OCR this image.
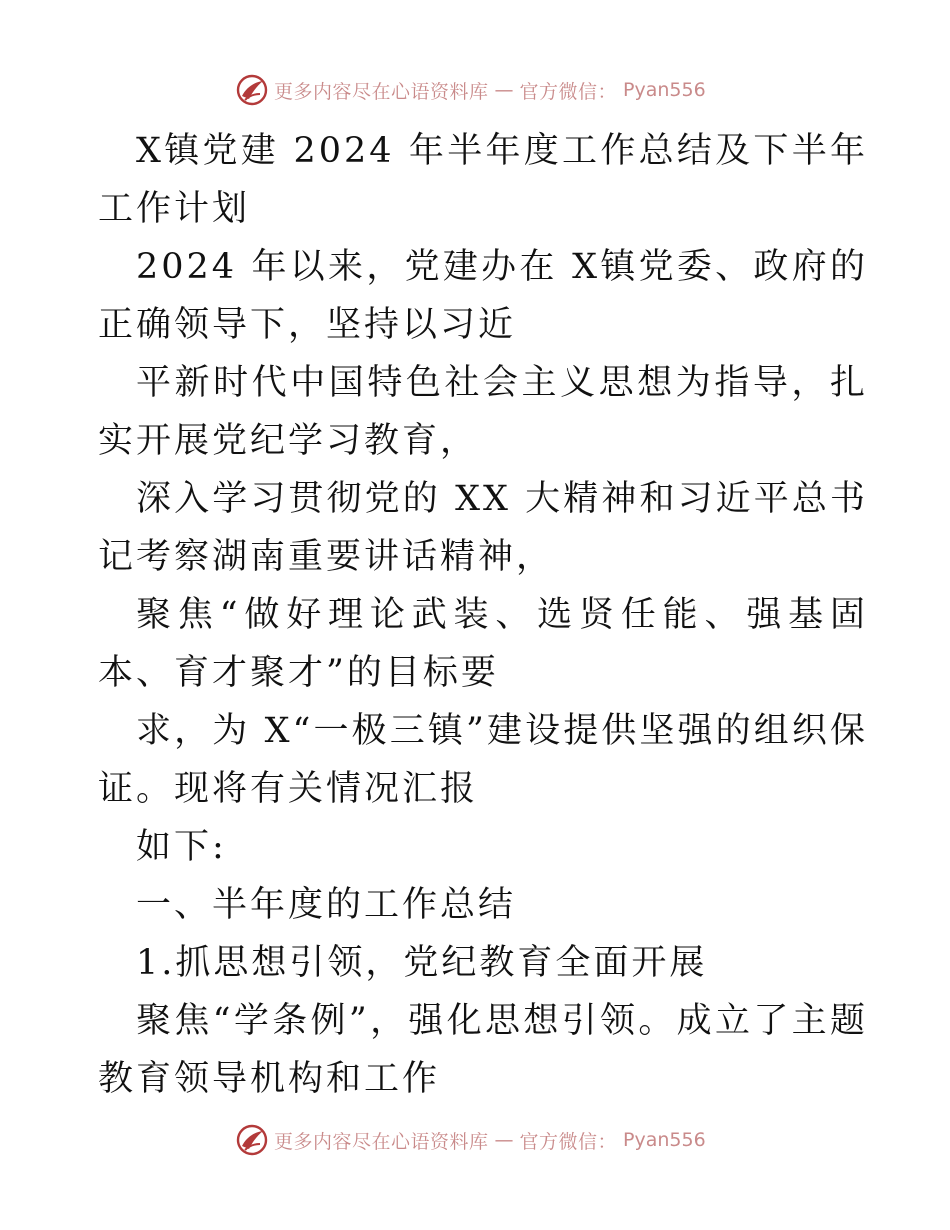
更多内容尽在心语资料库 — 官方微信： Pyan556

X镇党建 2024 年半年度工作总结及下半年工作计划

2024 年以来，党建办在 X镇党委、政府的正确领导下，坚持以习近

平新时代中国特色社会主义思想为指导，扎实开展党纪学习教育，

深入学习贯彻党的 XX 大精神和习近平总书记考察湖南重要讲话精神，

聚焦“做好理论武装、选贤任能、强基固本、育才聚才”的目标要

求，为 X“一极三镇”建设提供坚强的组织保证。现将有关情况汇报

如下:

一、半年度的工作总结

1.抓思想引领，党纪教育全面开展

聚焦“学条例”，强化思想引领。成立了主题教育领导机构和工作

更多内容尽在心语资料库 — 官方微信： Pyan556
